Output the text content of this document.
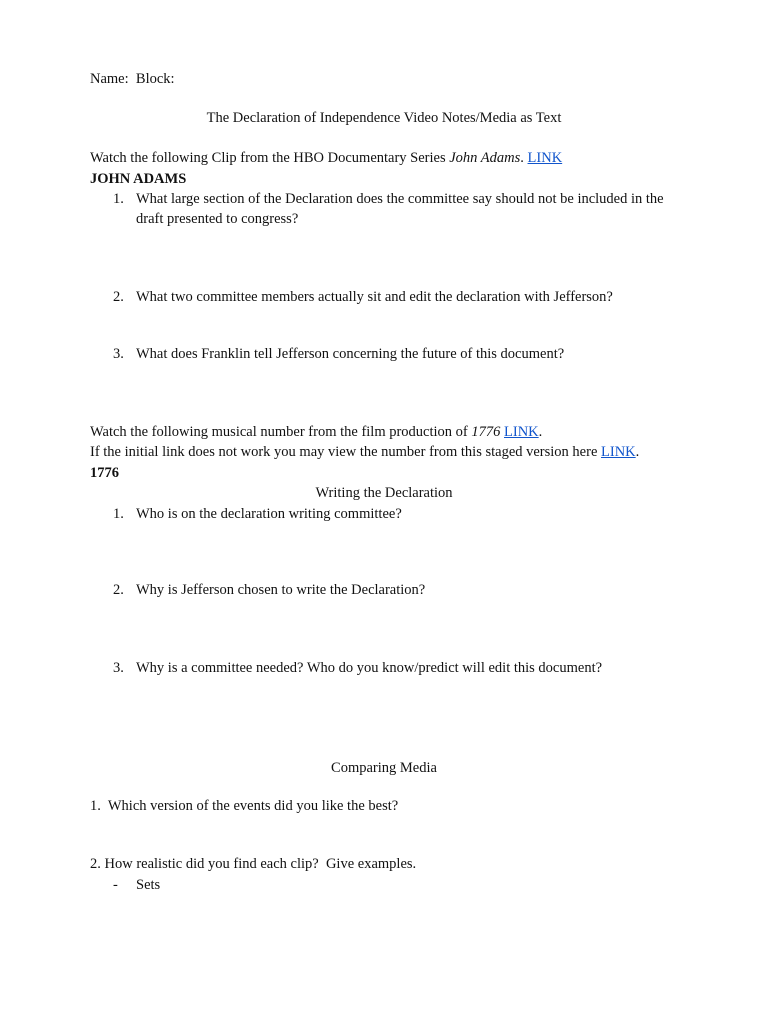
Name: Block:
The Declaration of Independence Video Notes/Media as Text
Watch the following Clip from the HBO Documentary Series John Adams. LINK
JOHN ADAMS
1. What large section of the Declaration does the committee say should not be included in the draft presented to congress?
2. What two committee members actually sit and edit the declaration with Jefferson?
3. What does Franklin tell Jefferson concerning the future of this document?
Watch the following musical number from the film production of 1776 LINK.
If the initial link does not work you may view the number from this staged version here LINK.
1776
Writing the Declaration
1. Who is on the declaration writing committee?
2. Why is Jefferson chosen to write the Declaration?
3. Why is a committee needed? Who do you know/predict will edit this document?
Comparing Media
1.  Which version of the events did you like the best?
2. How realistic did you find each clip?  Give examples.
- Sets
